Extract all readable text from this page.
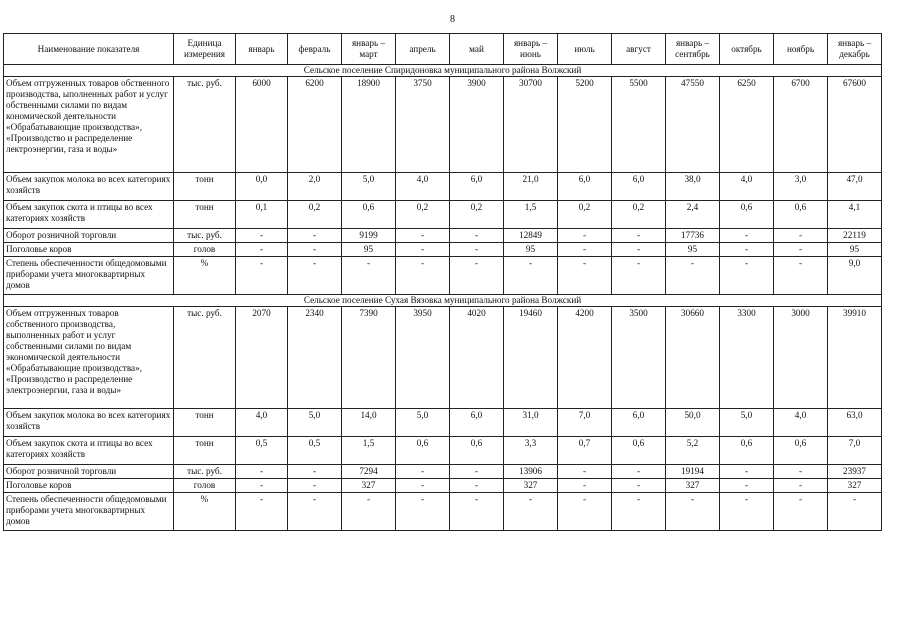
8
Наименование показателя	Единица измерения	январь	февраль	январь – март	апрель	май	январь – июнь	июль	август	январь – сентябрь	октябрь	ноябрь	январь – декабрь
Сельское поселение Спиридоновка муниципального района Волжский													
Объем отгруженных товаров обственного производства, ыполненных работ и услуг обственными силами по видам кономической деятельности «Обрабатывающие производства», «Производство и распределение лектроэнергии, газа и воды»	тыс. руб.	6000	6200	18900	3750	3900	30700	5200	5500	47550	6250	6700	67600
Объем закупок молока во всех категориях хозяйств	тонн	0,0	2,0	5,0	4,0	6,0	21,0	6,0	6,0	38,0	4,0	3,0	47,0
Объем закупок скота и птицы во всех категориях хозяйств	тонн	0,1	0,2	0,6	0,2	0,2	1,5	0,2	0,2	2,4	0,6	0,6	4,1
Оборот розничной торговли	тыс. руб.	-	-	9199	-	-	12849	-	-	17736	-	-	22119
Поголовье коров	голов	-	-	95	-	-	95	-	-	95	-	-	95
Степень обеспеченности общедомовыми приборами учета многоквартирных домов	%	-	-	-	-	-	-	-	-	-	-	-	9,0
Сельское поселение Сухая Вязовка муниципального района Волжский													
Объем отгруженных товаров собственного производства, выполненных работ и услуг собственными силами по видам экономической деятельности «Обрабатывающие производства», «Производство и распределение электроэнергии, газа и воды»	тыс. руб.	2070	2340	7390	3950	4020	19460	4200	3500	30660	3300	3000	39910
Объем закупок молока во всех категориях хозяйств	тонн	4,0	5,0	14,0	5,0	6,0	31,0	7,0	6,0	50,0	5,0	4,0	63,0
Объем закупок скота и птицы во всех категориях хозяйств	тонн	0,5	0,5	1,5	0,6	0,6	3,3	0,7	0,6	5,2	0,6	0,6	7,0
Оборот розничной торговли	тыс. руб.	-	-	7294	-	-	13906	-	-	19194	-	-	23937
Поголовье коров	голов	-	-	327	-	-	327	-	-	327	-	-	327
Степень обеспеченности общедомовыми приборами учета многоквартирных домов	%	-	-	-	-	-	-	-	-	-	-	-	-
